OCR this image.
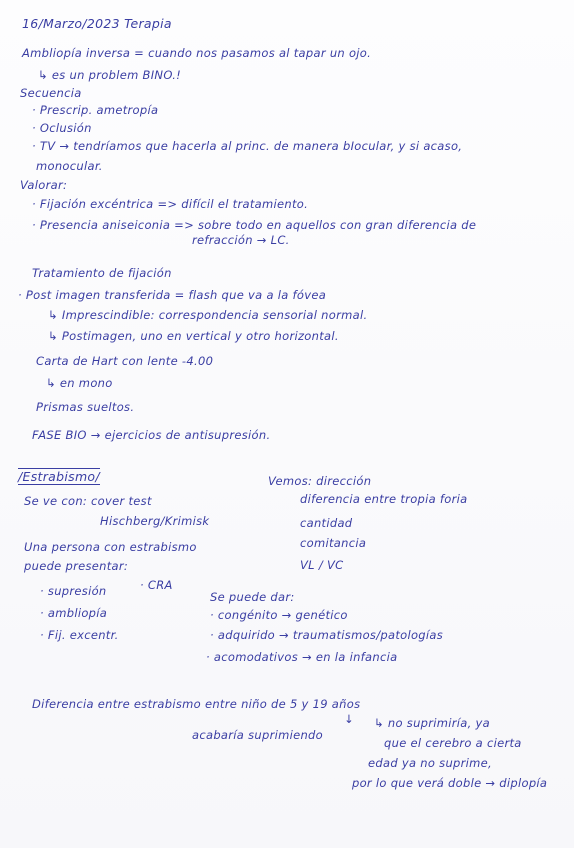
16/Marzo/2023 Terapia
Ambliopía inversa = cuando nos pasamos al tapar un ojo.
↳ es un problem BINO.!
Secuencia
· Prescrip. ametropía
· Oclusión
· TV → tendríamos que hacerla al princ. de manera bIocular, y si acaso,
monocular.
Valorar:
· Fijación excéntrica => difícil el tratamiento.
· Presencia aniseiconia => sobre todo en aquellos con gran diferencia de
refracción → LC.
Tratamiento de fijación
· Post imagen transferida = flash que va a la fóvea
↳ Imprescindible: correspondencia sensorial normal.
↳ Postimagen, uno en vertical y otro horizontal.
Carta de Hart con lente -4.00
↳ en mono
Prismas sueltos.
FASE BIO → ejercicios de antisupresión.
/Estrabismo/
Se ve con: cover test
Hischberg/Krimisk
Una persona con estrabismo
puede presentar:
· supresión	· CRA
· ambliopía
· Fij. excentr.
Vemos: dirección
diferencia entre tropia foria
cantidad
comitancia
VL / VC
Se puede dar:
· congénito → genético
· adquirido → traumatismos/patologías
· acomodativos → en la infancia
Diferencia entre estrabismo entre niño de 5 y 19 años
↓
acabaría suprimiendo
↳ no suprimiría, ya
que el cerebro a cierta
edad ya no suprime,
por lo que verá doble → diplopía
